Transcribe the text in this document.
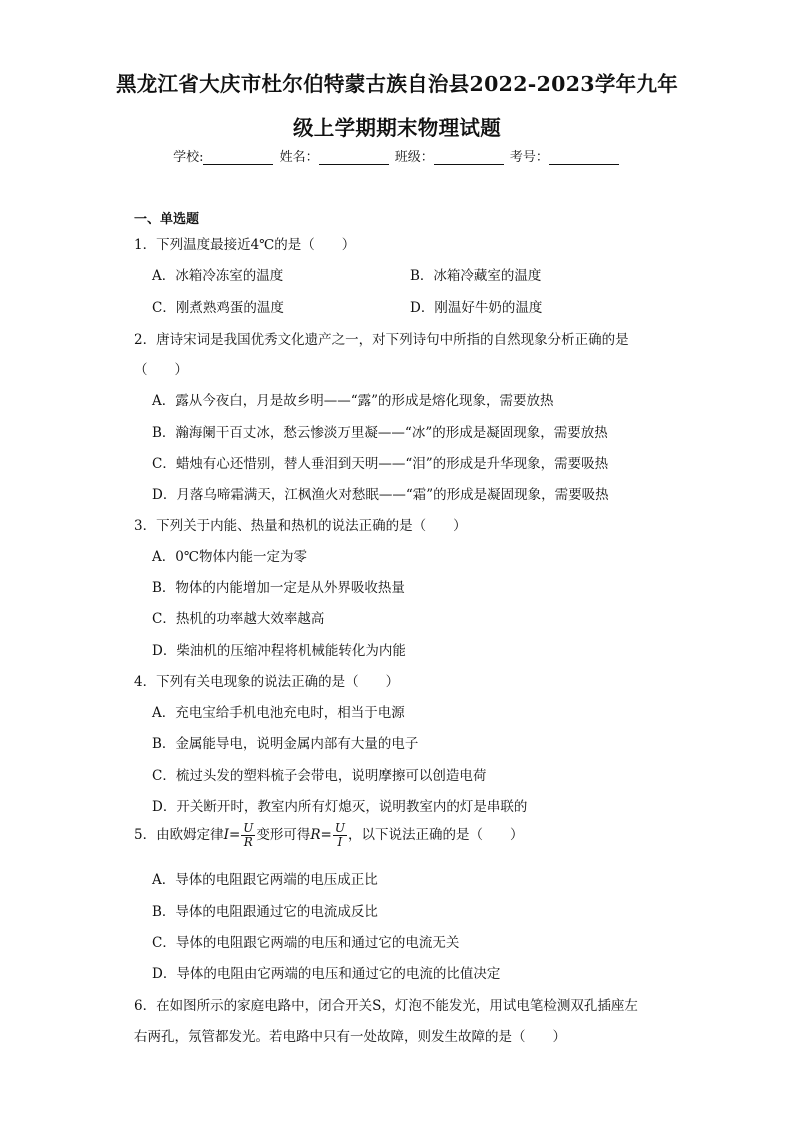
黑龙江省大庆市杜尔伯特蒙古族自治县2022-2023学年九年
级上学期期末物理试题
学校:	姓名：	班级：	考号：
一、单选题
1．下列温度最接近4℃的是（　　）
A．冰箱冷冻室的温度	B．冰箱冷藏室的温度
C．刚煮熟鸡蛋的温度	D．刚温好牛奶的温度
2．唐诗宋词是我国优秀文化遗产之一，对下列诗句中所指的自然现象分析正确的是
（　　）
A．露从今夜白，月是故乡明——“露”的形成是熔化现象，需要放热
B．瀚海阑干百丈冰，愁云惨淡万里凝——“冰”的形成是凝固现象，需要放热
C．蜡烛有心还惜别，替人垂泪到天明——“泪”的形成是升华现象，需要吸热
D．月落乌啼霜满天，江枫渔火对愁眠——“霜”的形成是凝固现象，需要吸热
3．下列关于内能、热量和热机的说法正确的是（　　）
A．0℃物体内能一定为零
B．物体的内能增加一定是从外界吸收热量
C．热机的功率越大效率越高
D．柴油机的压缩冲程将机械能转化为内能
4．下列有关电现象的说法正确的是（　　）
A．充电宝给手机电池充电时，相当于电源
B．金属能导电，说明金属内部有大量的电子
C．梳过头发的塑料梳子会带电，说明摩擦可以创造电荷
D．开关断开时，教室内所有灯熄灭，说明教室内的灯是串联的
5．由欧姆定律$I= \frac{U}{R}$ 变形可得$R= \frac{U}{I}$ ，以下说法正确的是（　　）
A．导体的电阻跟它两端的电压成正比
B．导体的电阻跟通过它的电流成反比
C．导体的电阻跟它两端的电压和通过它的电流无关
D．导体的电阻由它两端的电压和通过它的电流的比值决定
6．在如图所示的家庭电路中，闭合开关S，灯泡不能发光，用试电笔检测双孔插座左
右两孔，氖管都发光。若电路中只有一处故障，则发生故障的是（　　）
